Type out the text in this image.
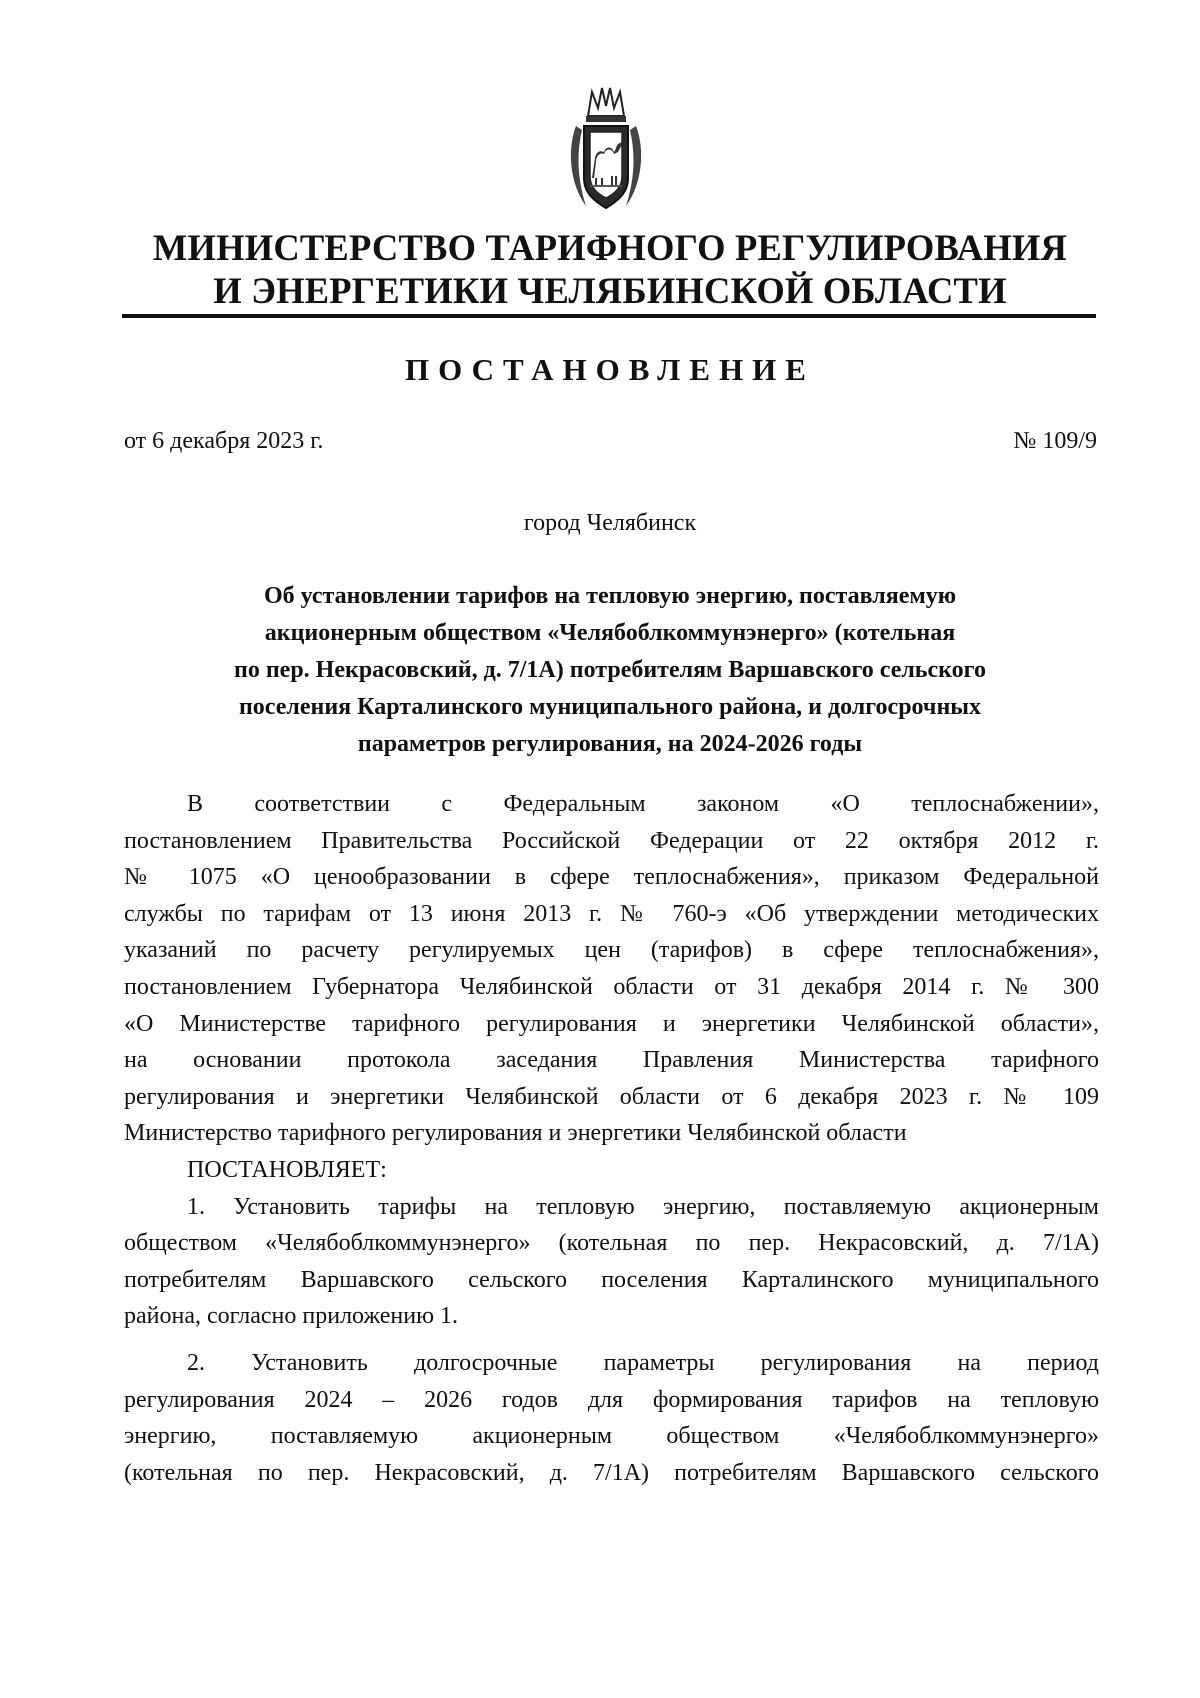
МИНИСТЕРСТВО ТАРИФНОГО РЕГУЛИРОВАНИЯ
И ЭНЕРГЕТИКИ ЧЕЛЯБИНСКОЙ ОБЛАСТИ
ПОСТАНОВЛЕНИЕ
от 6 декабря 2023 г.	№ 109/9
город Челябинск
Об установлении тарифов на тепловую энергию, поставляемую
акционерным обществом «Челябоблкоммунэнерго» (котельная
по пер. Некрасовский, д. 7/1А) потребителям Варшавского сельского
поселения Карталинского муниципального района, и долгосрочных
параметров регулирования, на 2024-2026 годы
В соответствии с Федеральным законом «О теплоснабжении»,
постановлением Правительства Российской Федерации от 22 октября 2012 г.
№ 1075 «О ценообразовании в сфере теплоснабжения», приказом Федеральной
службы по тарифам от 13 июня 2013 г. № 760-э «Об утверждении методических
указаний по расчету регулируемых цен (тарифов) в сфере теплоснабжения»,
постановлением Губернатора Челябинской области от 31 декабря 2014 г. № 300
«О Министерстве тарифного регулирования и энергетики Челябинской области»,
на основании протокола заседания Правления Министерства тарифного
регулирования и энергетики Челябинской области от 6 декабря 2023 г. № 109
Министерство тарифного регулирования и энергетики Челябинской области
ПОСТАНОВЛЯЕТ:
1. Установить тарифы на тепловую энергию, поставляемую акционерным
обществом «Челябоблкоммунэнерго» (котельная по пер. Некрасовский, д. 7/1А)
потребителям Варшавского сельского поселения Карталинского муниципального
района, согласно приложению 1.
2. Установить долгосрочные параметры регулирования на период
регулирования 2024 – 2026 годов для формирования тарифов на тепловую
энергию, поставляемую акционерным обществом «Челябоблкоммунэнерго»
(котельная по пер. Некрасовский, д. 7/1А) потребителям Варшавского сельского
